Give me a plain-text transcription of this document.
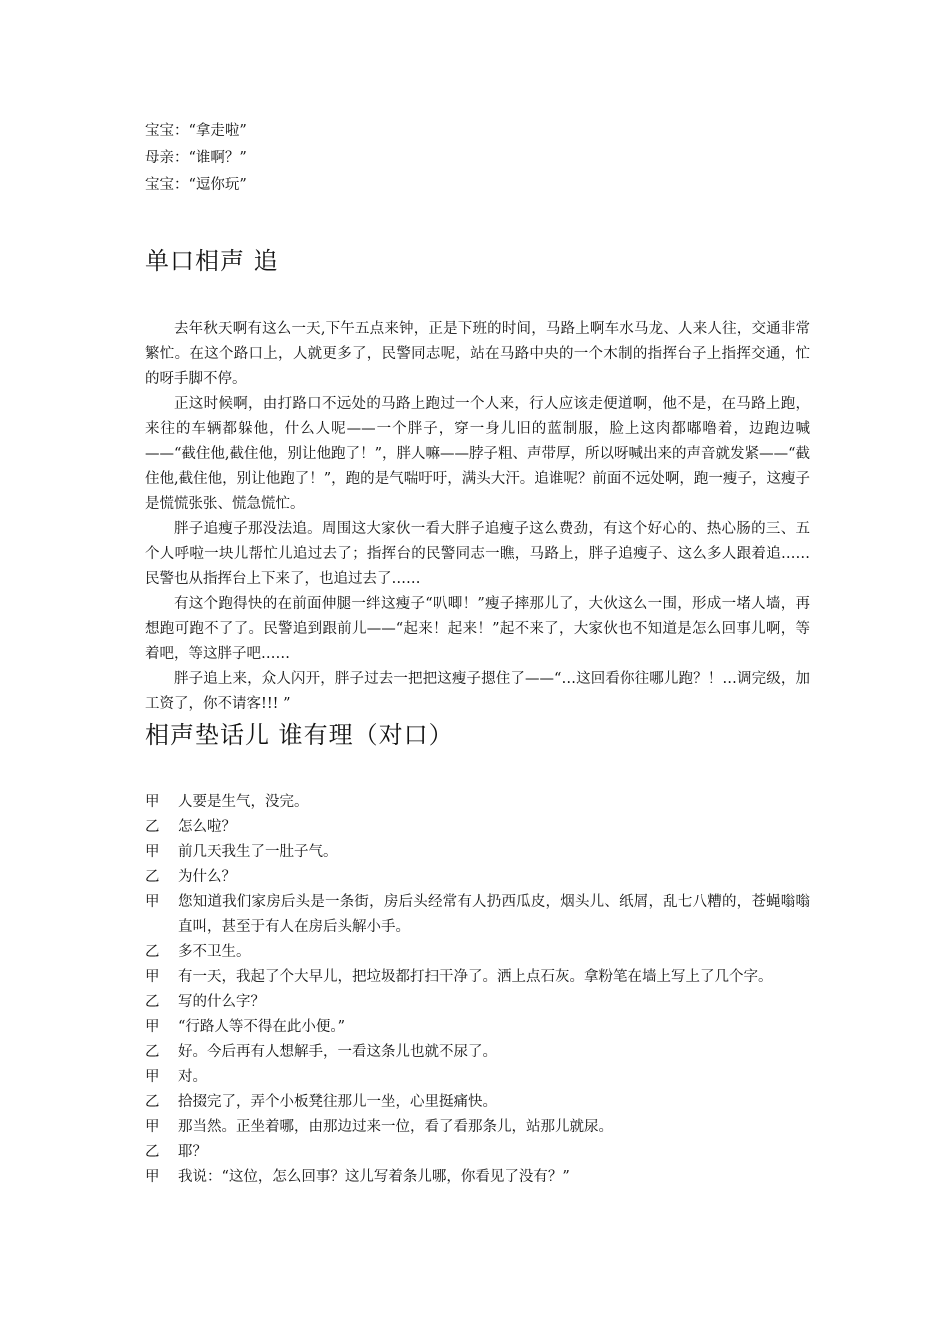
宝宝：“拿走啦”
母亲：“谁啊？”
宝宝：“逗你玩”
单口相声 追

去年秋天啊有这么一天,下午五点来钟，正是下班的时间，马路上啊车水马龙、人来人往，交通非常繁忙。在这个路口上，人就更多了，民警同志呢，站在马路中央的一个木制的指挥台子上指挥交通，忙的呀手脚不停。

正这时候啊，由打路口不远处的马路上跑过一个人来，行人应该走便道啊，他不是，在马路上跑，来往的车辆都躲他，什么人呢——一个胖子，穿一身儿旧的蓝制服，脸上这肉都嘟噜着，边跑边喊——“截住他,截住他，别让他跑了！”，胖人嘛——脖子粗、声带厚，所以呀喊出来的声音就发紧——“截住他,截住他，别让他跑了！”，跑的是气喘吁吁，满头大汗。追谁呢？前面不远处啊，跑一瘦子，这瘦子是慌慌张张、慌急慌忙。

胖子追瘦子那没法追。周围这大家伙一看大胖子追瘦子这么费劲，有这个好心的、热心肠的三、五个人呼啦一块儿帮忙儿追过去了；指挥台的民警同志一瞧，马路上，胖子追瘦子、这么多人跟着追……民警也从指挥台上下来了，也追过去了……

有这个跑得快的在前面伸腿一绊这瘦子“叭唧！”瘦子摔那儿了，大伙这么一围，形成一堵人墙，再想跑可跑不了了。民警追到跟前儿——“起来！起来！”起不来了，大家伙也不知道是怎么回事儿啊，等着吧，等这胖子吧……

胖子追上来，众人闪开，胖子过去一把把这瘦子摁住了——“…这回看你往哪儿跑？！…调完级，加工资了，你不请客!!! ”

相声垫话儿 谁有理（对口）
甲	人要是生气，没完。
乙	怎么啦？
甲	前几天我生了一肚子气。
乙	为什么？
甲	您知道我们家房后头是一条街，房后头经常有人扔西瓜皮，烟头儿、纸屑，乱七八糟的，苍蝇嗡嗡直叫，甚至于有人在房后头解小手。
乙	多不卫生。
甲	有一天，我起了个大早儿，把垃圾都打扫干净了。洒上点石灰。拿粉笔在墙上写上了几个字。
乙	写的什么字？
甲	“行路人等不得在此小便。”
乙	好。今后再有人想解手，一看这条儿也就不尿了。
甲	对。
乙	拾掇完了，弄个小板凳往那儿一坐，心里挺痛快。
甲	那当然。正坐着哪，由那边过来一位，看了看那条儿，站那儿就尿。
乙	耶？
甲	我说：“这位，怎么回事？这儿写着条儿哪，你看见了没有？”
